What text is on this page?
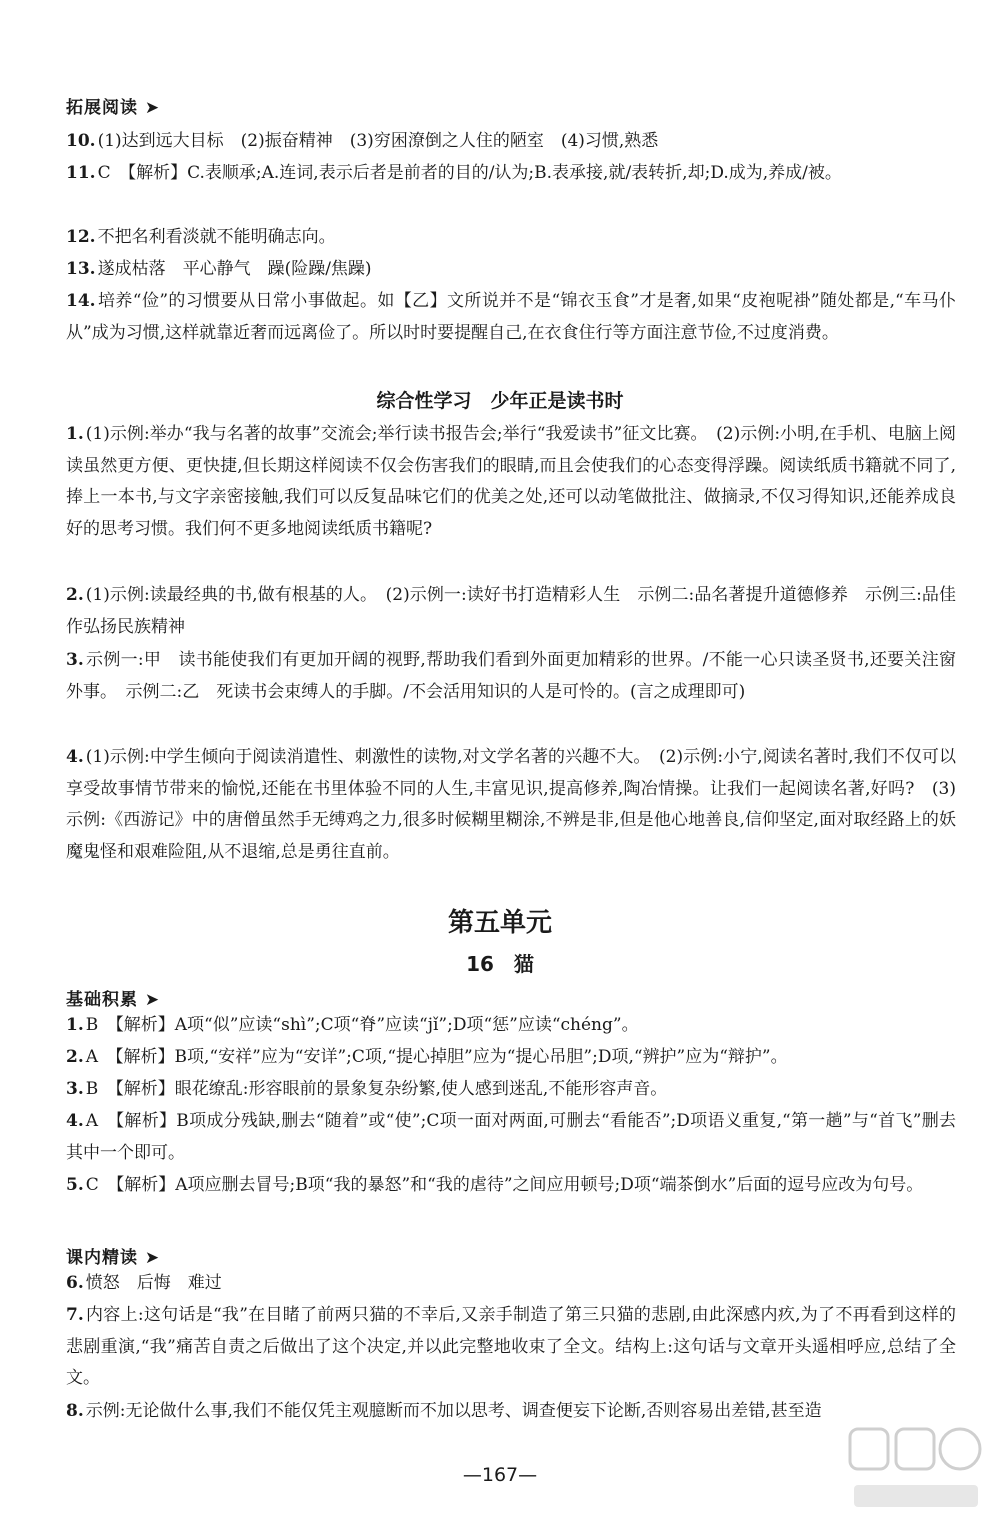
拓展阅读 ➤
10. (1)达到远大目标　(2)振奋精神　(3)穷困潦倒之人住的陋室　(4)习惯,熟悉
11. C　【解析】C.表顺承;A.连词,表示后者是前者的目的/认为;B.表承接,就/表转折,却;D.成为,养成/被。
12. 不把名利看淡就不能明确志向。
13. 遂成枯落　平心静气　躁(险躁/焦躁)
14. 培养“俭”的习惯要从日常小事做起。如【乙】文所说并不是“锦衣玉食”才是奢,如果“皮袍呢褂”随处都是,“车马仆从”成为习惯,这样就靠近奢而远离俭了。所以时时要提醒自己,在衣食住行等方面注意节俭,不过度消费。
综合性学习　少年正是读书时
1. (1)示例:举办“我与名著的故事”交流会;举行读书报告会;举行“我爱读书”征文比赛。　(2)示例:小明,在手机、电脑上阅读虽然更方便、更快捷,但长期这样阅读不仅会伤害我们的眼睛,而且会使我们的心态变得浮躁。阅读纸质书籍就不同了,捧上一本书,与文字亲密接触,我们可以反复品味它们的优美之处,还可以动笔做批注、做摘录,不仅习得知识,还能养成良好的思考习惯。我们何不更多地阅读纸质书籍呢?
2. (1)示例:读最经典的书,做有根基的人。　(2)示例一:读好书打造精彩人生　示例二:品名著提升道德修养　示例三:品佳作弘扬民族精神
3. 示例一:甲　读书能使我们有更加开阔的视野,帮助我们看到外面更加精彩的世界。/不能一心只读圣贤书,还要关注窗外事。　示例二:乙　死读书会束缚人的手脚。/不会活用知识的人是可怜的。(言之成理即可)
4. (1)示例:中学生倾向于阅读消遣性、刺激性的读物,对文学名著的兴趣不大。　(2)示例:小宁,阅读名著时,我们不仅可以享受故事情节带来的愉悦,还能在书里体验不同的人生,丰富见识,提高修养,陶冶情操。让我们一起阅读名著,好吗?　(3)示例:《西游记》中的唐僧虽然手无缚鸡之力,很多时候糊里糊涂,不辨是非,但是他心地善良,信仰坚定,面对取经路上的妖魔鬼怪和艰难险阻,从不退缩,总是勇往直前。
第五单元
16　猫
基础积累 ➤
1. B　【解析】A项“似”应读“shì”;C项“脊”应读“jǐ”;D项“惩”应读“chéng”。
2. A　【解析】B项,“安祥”应为“安详”;C项,“提心掉胆”应为“提心吊胆”;D项,“辨护”应为“辩护”。
3. B　【解析】眼花缭乱:形容眼前的景象复杂纷繁,使人感到迷乱,不能形容声音。
4. A　【解析】B项成分残缺,删去“随着”或“使”;C项一面对两面,可删去“看能否”;D项语义重复,“第一趟”与“首飞”删去其中一个即可。
5. C　【解析】A项应删去冒号;B项“我的暴怒”和“我的虐待”之间应用顿号;D项“端茶倒水”后面的逗号应改为句号。
课内精读 ➤
6. 愤怒　后悔　难过
7. 内容上:这句话是“我”在目睹了前两只猫的不幸后,又亲手制造了第三只猫的悲剧,由此深感内疚,为了不再看到这样的悲剧重演,“我”痛苦自责之后做出了这个决定,并以此完整地收束了全文。结构上:这句话与文章开头遥相呼应,总结了全文。
8. 示例:无论做什么事,我们不能仅凭主观臆断而不加以思考、调查便妄下论断,否则容易出差错,甚至造
—167—
